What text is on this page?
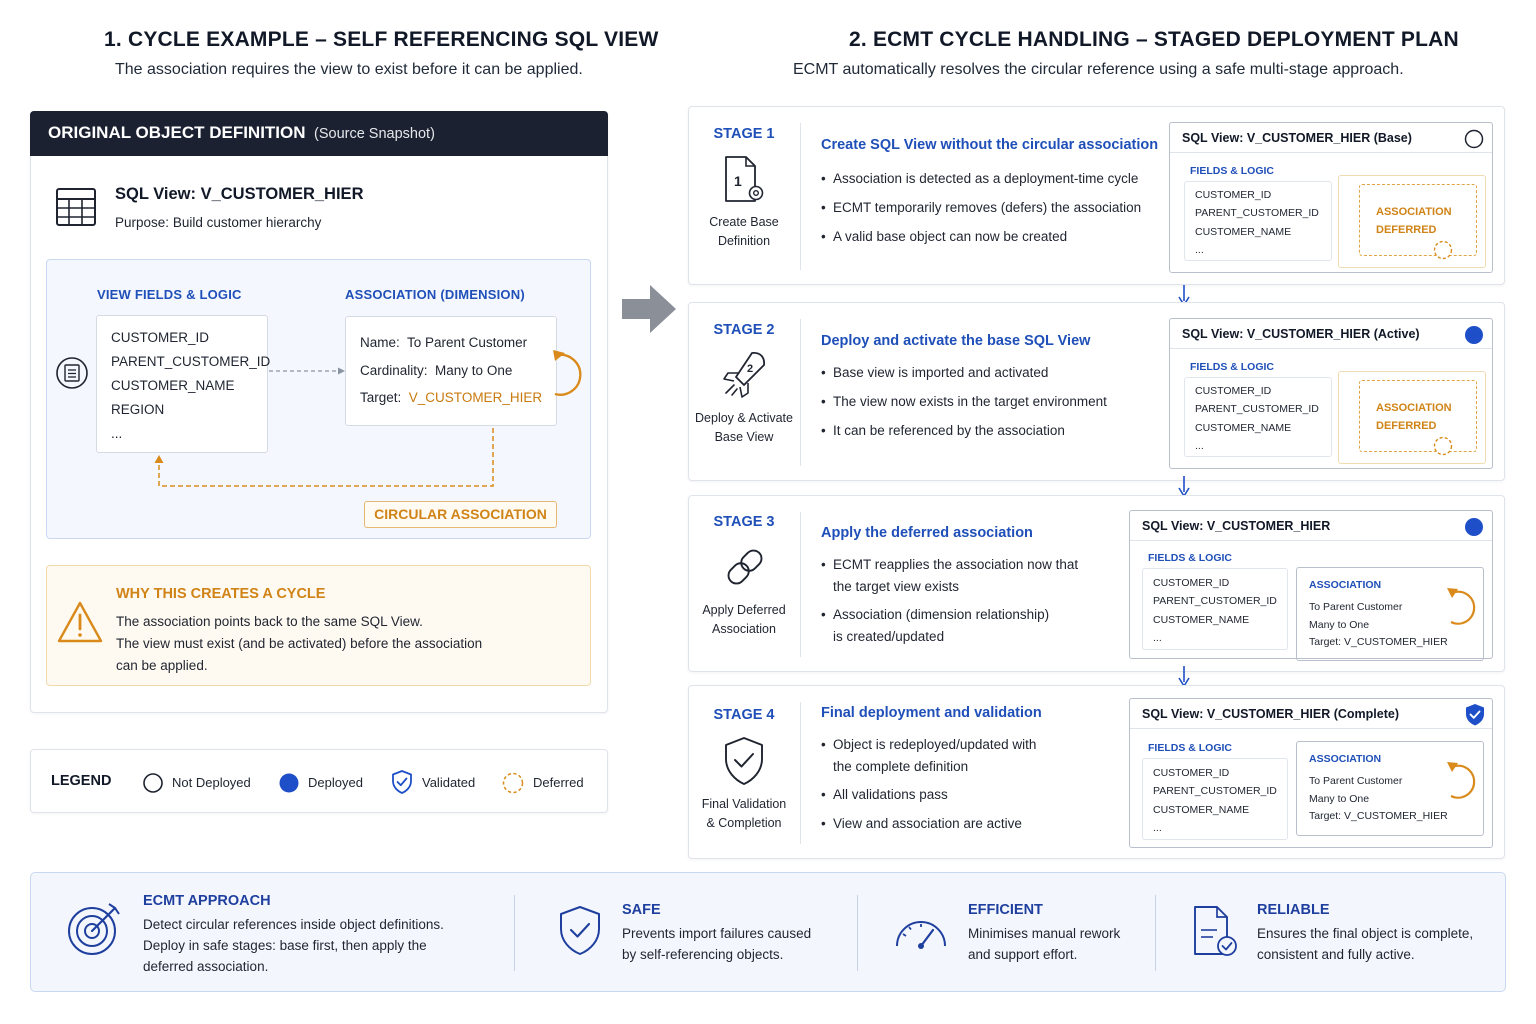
1. CYCLE EXAMPLE – SELF REFERENCING SQL VIEW
The association requires the view to exist before it can be applied.
ORIGINAL OBJECT DEFINITION (Source Snapshot)
SQL View: V_CUSTOMER_HIER
Purpose: Build customer hierarchy
VIEW FIELDS & LOGIC	ASSOCIATION (DIMENSION)
CUSTOMER_ID
PARENT_CUSTOMER_ID
CUSTOMER_NAME
REGION
...
Name: To Parent Customer
Cardinality: Many to One
Target: V_CUSTOMER_HIER
CIRCULAR ASSOCIATION
WHY THIS CREATES A CYCLE
The association points back to the same SQL View.
The view must exist (and be activated) before the association
can be applied.
LEGEND	Not Deployed	Deployed	Validated	Deferred
2. ECMT CYCLE HANDLING – STAGED DEPLOYMENT PLAN
ECMT automatically resolves the circular reference using a safe multi-stage approach.
STAGE 1
1
Create Base
Definition
Create SQL View without the circular association
• Association is detected as a deployment-time cycle
• ECMT temporarily removes (defers) the association
• A valid base object can now be created
SQL View: V_CUSTOMER_HIER (Base)
FIELDS & LOGIC
CUSTOMER_ID
PARENT_CUSTOMER_ID
CUSTOMER_NAME
...
ASSOCIATION
DEFERRED
STAGE 2
2
Deploy & Activate
Base View
Deploy and activate the base SQL View
• Base view is imported and activated
• The view now exists in the target environment
• It can be referenced by the association
SQL View: V_CUSTOMER_HIER (Active)
FIELDS & LOGIC
CUSTOMER_ID
PARENT_CUSTOMER_ID
CUSTOMER_NAME
...
ASSOCIATION
DEFERRED
STAGE 3
Apply Deferred
Association
Apply the deferred association
• ECMT reapplies the association now that
the target view exists
• Association (dimension relationship)
is created/updated
SQL View: V_CUSTOMER_HIER
FIELDS & LOGIC
CUSTOMER_ID
PARENT_CUSTOMER_ID
CUSTOMER_NAME
...
ASSOCIATION
To Parent Customer
Many to One
Target: V_CUSTOMER_HIER
STAGE 4
Final Validation
& Completion
Final deployment and validation
• Object is redeployed/updated with
the complete definition
• All validations pass
• View and association are active
SQL View: V_CUSTOMER_HIER (Complete)
FIELDS & LOGIC
CUSTOMER_ID
PARENT_CUSTOMER_ID
CUSTOMER_NAME
...
ASSOCIATION
To Parent Customer
Many to One
Target: V_CUSTOMER_HIER
ECMT APPROACH
Detect circular references inside object definitions.
Deploy in safe stages: base first, then apply the
deferred association.
SAFE
Prevents import failures caused
by self-referencing objects.
EFFICIENT
Minimises manual rework
and support effort.
RELIABLE
Ensures the final object is complete,
consistent and fully active.
